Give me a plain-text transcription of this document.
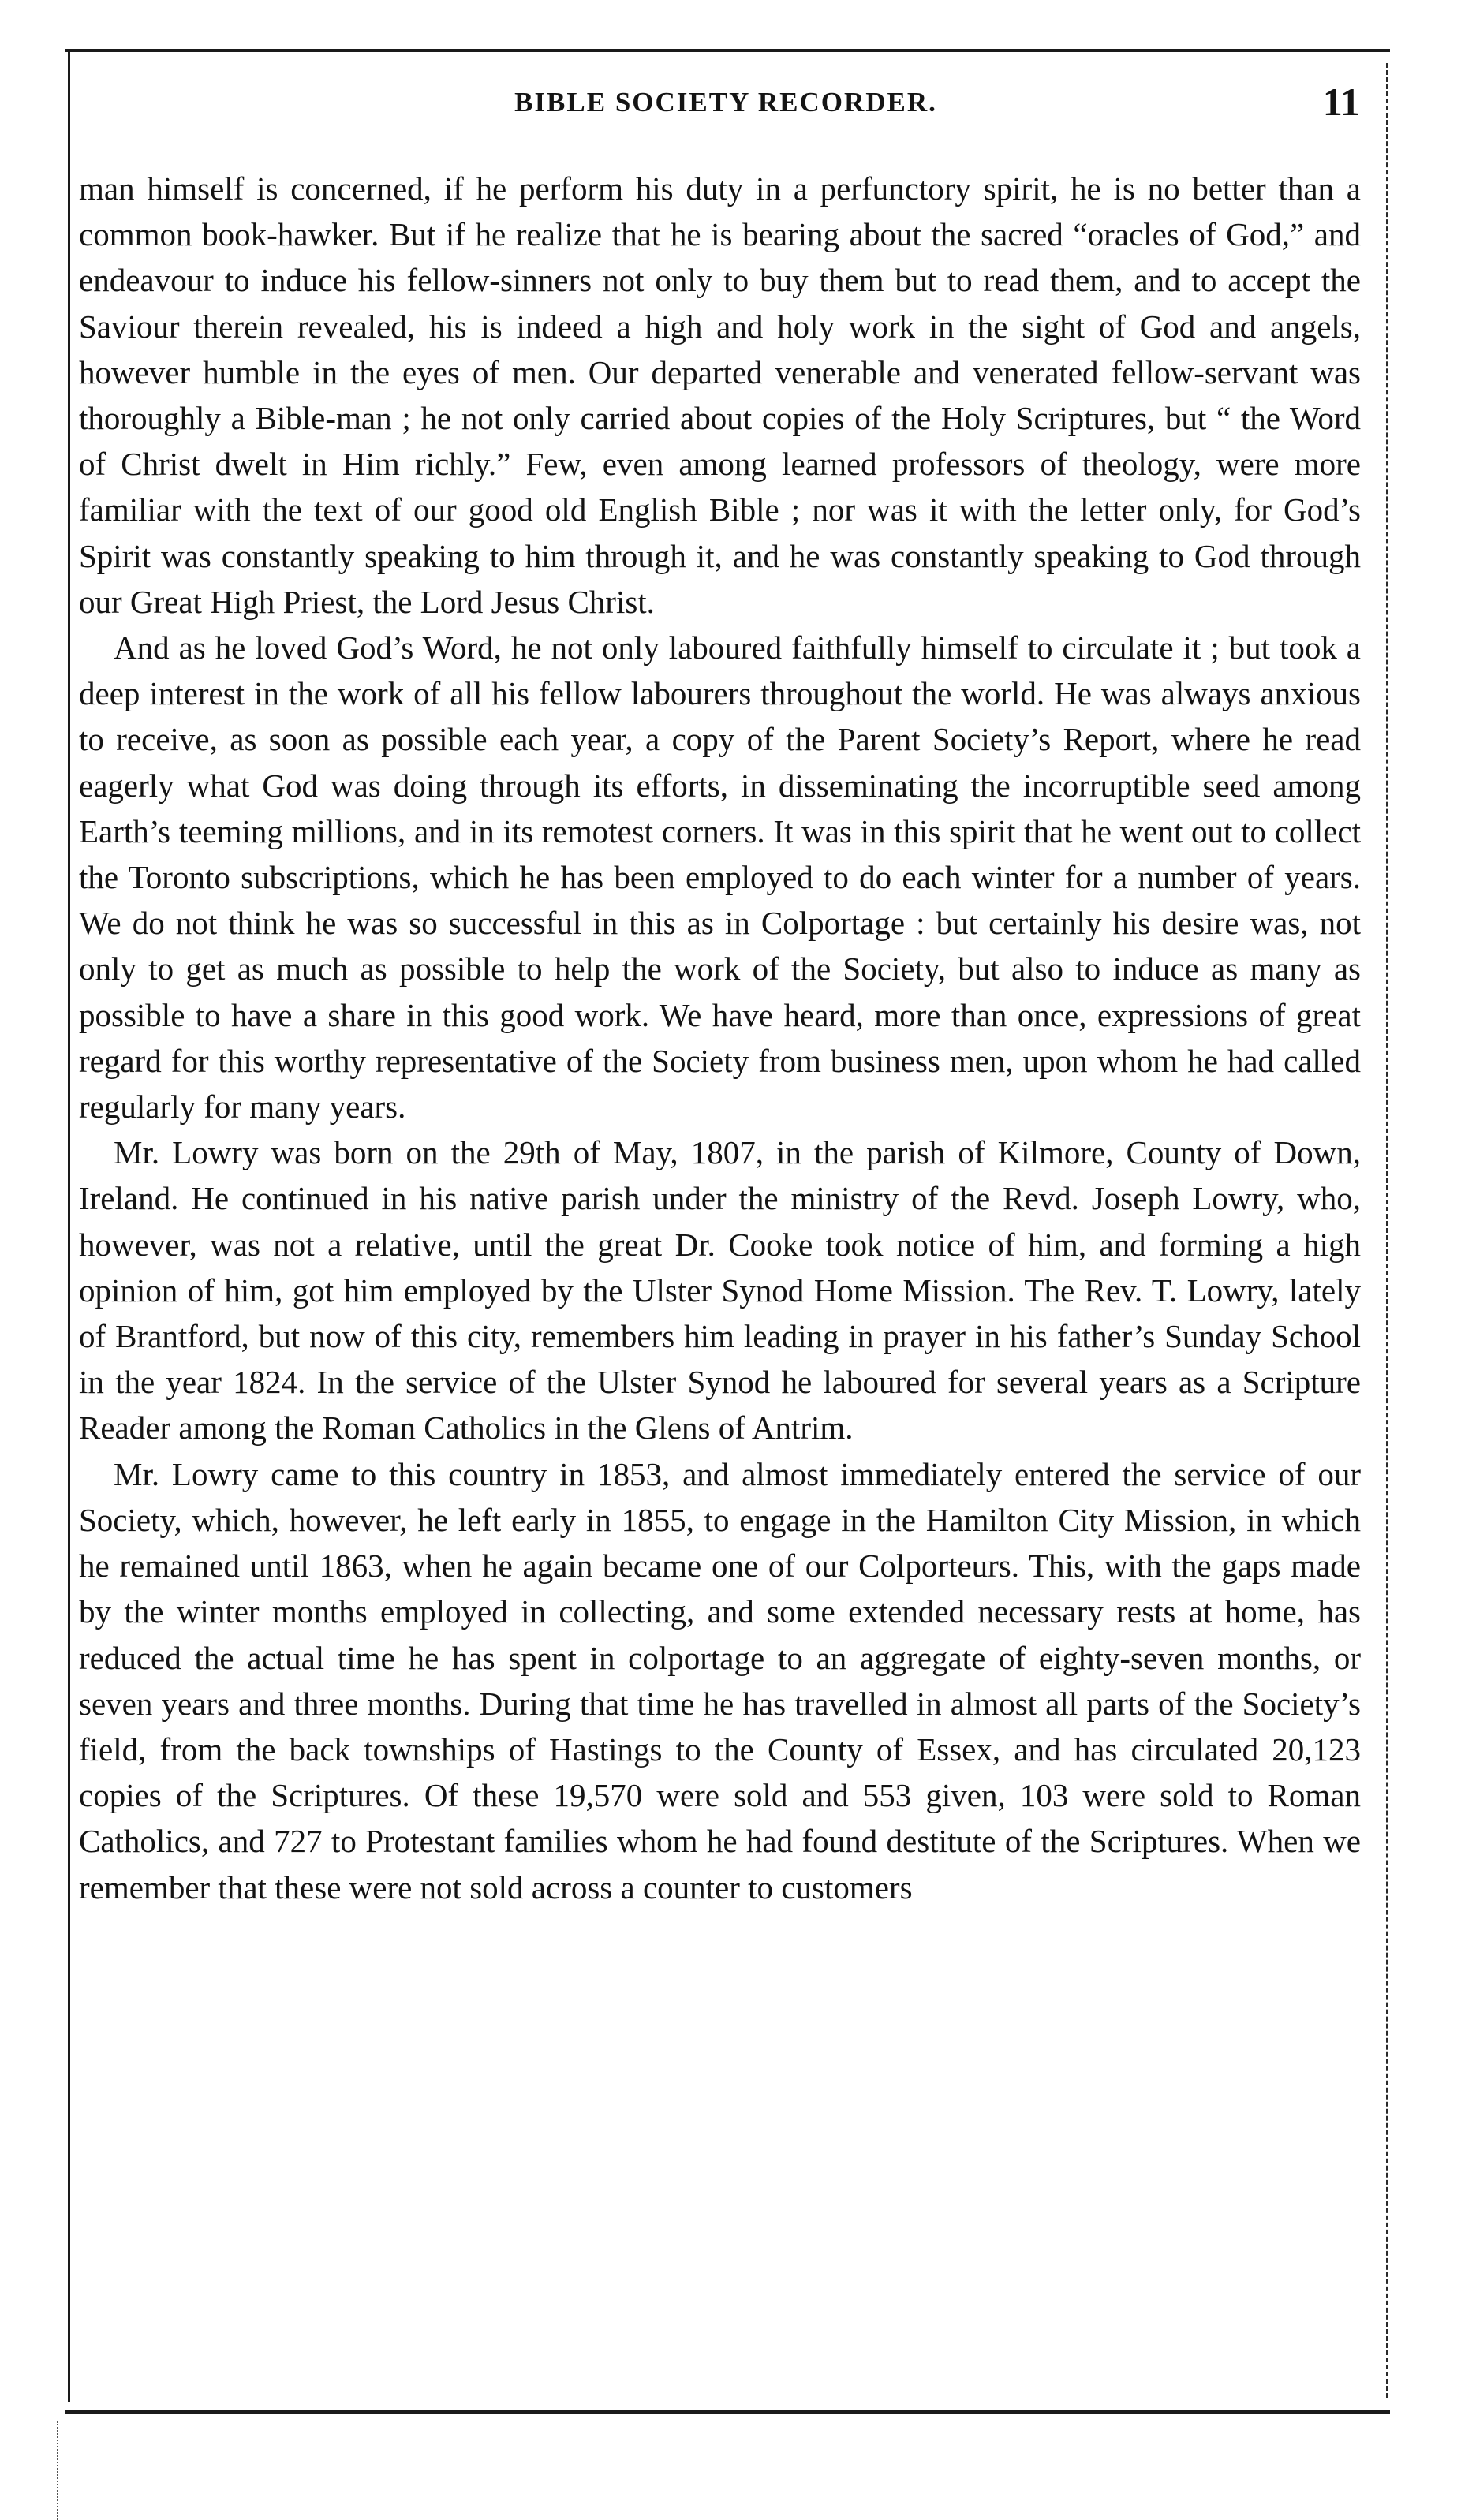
BIBLE SOCIETY RECORDER.	11

man himself is concerned, if he perform his duty in a perfunctory spirit, he is no better than a common book-hawker. But if he realize that he is bearing about the sacred “oracles of God,” and endeavour to induce his fellow-sinners not only to buy them but to read them, and to accept the Saviour therein revealed, his is indeed a high and holy work in the sight of God and angels, however humble in the eyes of men. Our departed venerable and venerated fellow-servant was thoroughly a Bible-man ; he not only carried about copies of the Holy Scriptures, but “ the Word of Christ dwelt in Him richly.” Few, even among learned professors of theology, were more familiar with the text of our good old English Bible ; nor was it with the letter only, for God’s Spirit was constantly speaking to him through it, and he was constantly speaking to God through our Great High Priest, the Lord Jesus Christ.

And as he loved God’s Word, he not only laboured faithfully himself to circulate it ; but took a deep interest in the work of all his fellow labourers throughout the world. He was always anxious to receive, as soon as possible each year, a copy of the Parent Society’s Report, where he read eagerly what God was doing through its efforts, in disseminating the incorruptible seed among Earth’s teeming millions, and in its remotest corners. It was in this spirit that he went out to collect the Toronto subscriptions, which he has been employed to do each winter for a number of years. We do not think he was so successful in this as in Colportage : but certainly his desire was, not only to get as much as possible to help the work of the Society, but also to induce as many as possible to have a share in this good work. We have heard, more than once, expressions of great regard for this worthy representative of the Society from business men, upon whom he had called regularly for many years.

Mr. Lowry was born on the 29th of May, 1807, in the parish of Kilmore, County of Down, Ireland. He continued in his native parish under the ministry of the Revd. Joseph Lowry, who, however, was not a relative, until the great Dr. Cooke took notice of him, and forming a high opinion of him, got him employed by the Ulster Synod Home Mission. The Rev. T. Lowry, lately of Brantford, but now of this city, remembers him leading in prayer in his father’s Sunday School in the year 1824. In the service of the Ulster Synod he laboured for several years as a Scripture Reader among the Roman Catholics in the Glens of Antrim.

Mr. Lowry came to this country in 1853, and almost immediately entered the service of our Society, which, however, he left early in 1855, to engage in the Hamilton City Mission, in which he remained until 1863, when he again became one of our Colporteurs. This, with the gaps made by the winter months employed in collecting, and some extended necessary rests at home, has reduced the actual time he has spent in colportage to an aggregate of eighty-seven months, or seven years and three months. During that time he has travelled in almost all parts of the Society’s field, from the back townships of Hastings to the County of Essex, and has circulated 20,123 copies of the Scriptures. Of these 19,570 were sold and 553 given, 103 were sold to Roman Catholics, and 727 to Protestant families whom he had found destitute of the Scriptures. When we remember that these were not sold across a counter to customers
